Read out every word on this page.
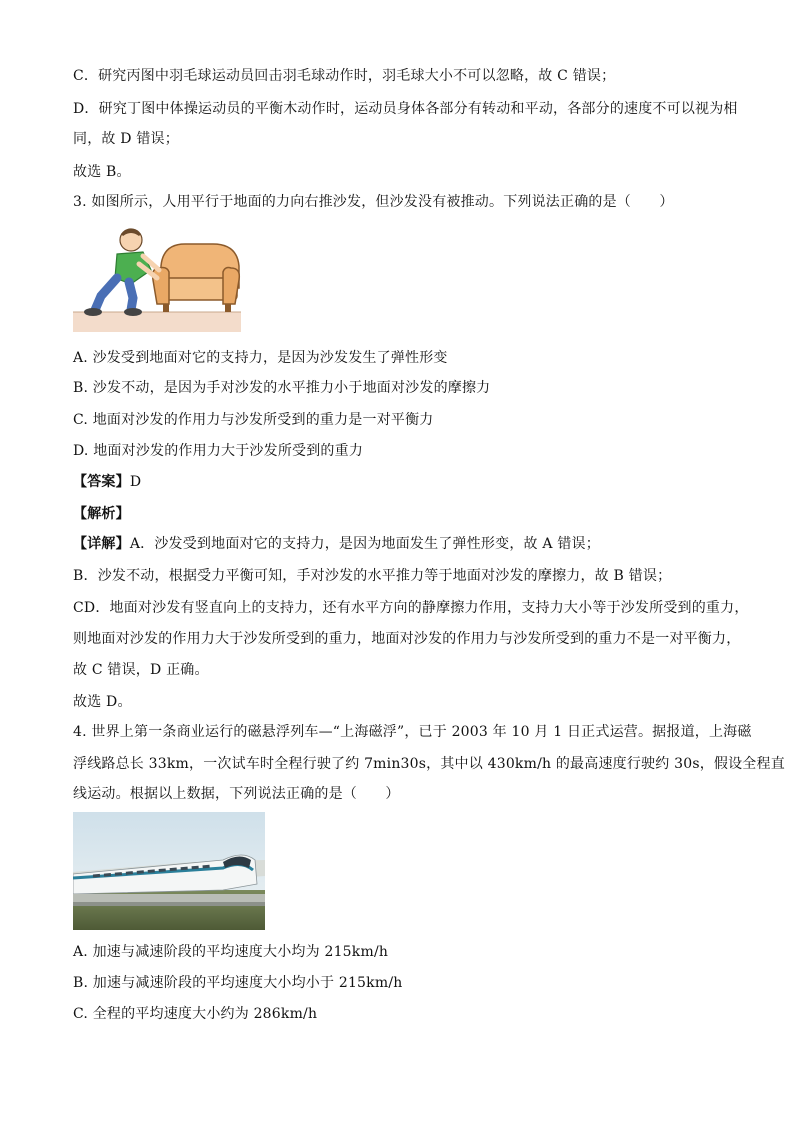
C．研究丙图中羽毛球运动员回击羽毛球动作时，羽毛球大小不可以忽略，故 C 错误；
D．研究丁图中体操运动员的平衡木动作时，运动员身体各部分有转动和平动，各部分的速度不可以视为相
同，故 D 错误；
故选 B。
3. 如图所示，人用平行于地面的力向右推沙发，但沙发没有被推动。下列说法正确的是（　　）
A. 沙发受到地面对它的支持力，是因为沙发发生了弹性形变
B. 沙发不动，是因为手对沙发的水平推力小于地面对沙发的摩擦力
C. 地面对沙发的作用力与沙发所受到的重力是一对平衡力
D. 地面对沙发的作用力大于沙发所受到的重力
【答案】D
【解析】
【详解】A．沙发受到地面对它的支持力，是因为地面发生了弹性形变，故 A 错误；
B．沙发不动，根据受力平衡可知，手对沙发的水平推力等于地面对沙发的摩擦力，故 B 错误；
CD．地面对沙发有竖直向上的支持力，还有水平方向的静摩擦力作用，支持力大小等于沙发所受到的重力，
则地面对沙发的作用力大于沙发所受到的重力，地面对沙发的作用力与沙发所受到的重力不是一对平衡力，
故 C 错误，D 正确。
故选 D。
4. 世界上第一条商业运行的磁悬浮列车—“上海磁浮”，已于 2003 年 10 月 1 日正式运营。据报道，上海磁
浮线路总长 33km，一次试车时全程行驶了约 7min30s，其中以 430km/h 的最高速度行驶约 30s，假设全程直
线运动。根据以上数据，下列说法正确的是（　　）
A. 加速与减速阶段的平均速度大小均为 215km/h
B. 加速与减速阶段的平均速度大小均小于 215km/h
C. 全程的平均速度大小约为 286km/h
